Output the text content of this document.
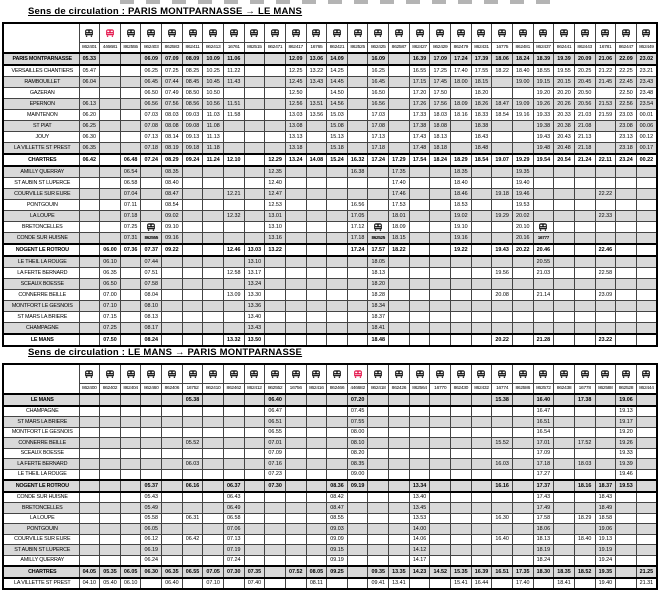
Sens de circulation : PARIS MONTPARNASSE → LE MANS

	862401	446681	862555	862403	862583	862411	862413	16761	862515	862471	862417	16765	862421	862525	862425	862587	862427	862429	862479	862431	16775	862481	862437	862441	862443	16781	862447	862449
PARIS MONTPARNASSE	05.33			06.09	07.09	08.09	10.09	11.06			12.09	13.06	14.09		16.09		16.39	17.09	17.24	17.39	18.06	18.24	18.39	19.39	20.09	21.06	22.09	23.02
VERSAILLES CHANTIERS	05.47			06.25	07.25	08.25	10.25	11.22			12.25	13.22	14.25		16.25		16.55	17.25	17.40	17.55	18.22	18.40	18.55	19.55	20.25	21.22	22.25	23.21
RAMBOUILLET	06.04			06.45	07.44	08.45	10.45	11.43			12.45	13.43	14.45		16.45		17.15	17.45	18.00	18.15		19.00	19.15	20.15	20.45	21.45	22.45	23.43
GAZERAN				06.50	07.49	08.50	10.50				12.50		14.50		16.50		17.20	17.50		18.20			19.20	20.20	20.50		22.50	23.48
EPERNON	06.13			06.56	07.56	08.56	10.56	11.51			12.56	13.51	14.56		16.56		17.26	17.56	18.09	18.26	18.47	19.09	19.26	20.26	20.56	21.53	22.56	23.54
MAINTENON	06.20			07.03	08.03	09.03	11.03	11.58			13.03	13.56	15.03		17.03		17.33	18.03	18.16	18.33	18.54	19.16	19.33	20.33	21.03	21.59	23.03	00.01
ST PIAT	06.25			07.08	08.08	09.08	11.08				13.08		15.08		17.08		17.38	18.08		18.38			19.38	20.38	21.08		23.08	00.06
JOUY	06.30			07.13	08.14	09.13	11.13				13.13		15.13		17.13		17.43	18.13		18.43			19.43	20.43	21.13		23.13	00.12
LA VILLETTE ST PREST	06.35			07.18	08.19	09.18	11.18				13.18		15.18		17.18		17.48	18.18		18.48			19.48	20.48	21.18		23.18	00.17
CHARTRES	06.42		06.48	07.24	08.29	09.24	11.24	12.10		12.29	13.24	14.08	15.24	16.32	17.24	17.29	17.54	18.24	18.29	18.54	19.07	19.29	19.54	20.54	21.24	22.11	23.24	00.22
AMILLY QUERRAY			06.54		08.35					12.35				16.38		17.35			18.35			19.35						
ST AUBIN ST LUPERCE			06.58		08.40					12.40						17.40			18.40			19.40						
COURVILLE SUR EURE			07.04		08.47			12.21		12.47						17.46			18.46		19.18	19.46				22.22		
PONTGOUIN			07.11		08.54					12.53				16.56		17.53			18.53			19.53						
LA LOUPE			07.18		09.02			12.32		13.01				17.05		18.01			19.02		19.29	20.02				22.33		
BRETONCELLES			07.25		09.10					13.10				17.12		18.09			19.10			20.10						
CONDE SUR HUISNE			07.31	862555	09.16					13.16				17.18	862525	18.15			19.16			20.16	16777					
NOGENT LE ROTROU		06.00	07.36	07.37	09.22			12.46	13.03	13.22				17.24	17.57	18.22			19.22		19.43	20.22	20.46			22.46		
LE THEIL LA ROUGE		06.10		07.44					13.10						18.05								20.55					
LA FERTE BERNARD		06.35		07.51				12.58	13.17						18.13						19.56		21.03			22.58		
SCEAUX BOESSE		06.50		07.58					13.24						18.20													
CONNERRE BEILLE		07.00		08.04				13.09	13.30						18.28						20.08		21.14			23.09		
MONTFORT LE GESNOIS		07.10		08.10					13.36						18.34													
ST MARS LA BRIERE		07.15		08.13					13.40						18.37													
CHAMPAGNE		07.25		08.17					13.43						18.41													
LE MANS		07.50		08.24				13.32	13.50						18.48						20.22		21.28			23.22		
Sens de circulation : LE MANS → PARIS MONTPARNASSE

	862400	862402	862404	862460	862406	16752	862410	862462	862412	862552	16756	862416	862466	446682	862418	862426	862564	16770	862430	862432	16774	862586	862572	862438	16778	862588	862528	862444
LE MANS						05.38				06.40				07.20							15.38		16.40		17.38		19.06	
CHAMPAGNE										06.47				07.45									16.47				19.13	
ST MARS LA BRIERE										06.51				07.55									16.51				19.17	
MONTFORT LE GESNOIS										06.55				08.00									16.54				19.20	
CONNERRE BEILLE						05.52				07.01				08.10							15.52		17.01		17.52		19.26	
SCEAUX BOESSE										07.09				08.20									17.09				19.33	
LA FERTE BERNARD						06.03				07.16				08.35							16.03		17.18		18.03		19.39	
LE THEIL LA ROUGE										07.23				09.00									17.27				19.46	
NOGENT LE ROTROU				05.37		06.16		06.37		07.30			08.36	09.19			13.34				16.16		17.37		18.16	18.37	19.53	
CONDE SUR HUISNE				05.43				06.43					08.42				13.40						17.43			18.43		
BRETONCELLES				05.49				06.49					08.47				13.45						17.49			18.49		
LA LOUPE				05.58		06.31		06.58					08.55				13.53				16.30		17.58		18.29	18.58		
PONTGOUIN				06.05				07.06					09.03				14.00						18.06			19.06		
COURVILLE SUR EURE				06.12		06.42		07.13					09.09				14.06				16.40		18.13		18.40	19.13		
ST AUBIN ST LUPERCE				06.19				07.19					09.15				14.12						18.19			19.19		
AMILLY QUERRAY				06.24				07.24					09.19				14.17						18.24			19.24		
CHARTRES	04.05	05.35	06.05	06.30	06.35	06.55	07.05	07.30	07.35		07.52	08.05	09.25		09.35	13.35	14.23	14.52	15.35	16.39	16.51	17.35	18.30	18.35	18.52	19.35		21.25
LA VILLETTE ST PREST	04.10	05.40	06.10		06.40		07.10		07.40			08.11			09.41	13.41			15.41	16.44		17.40		18.41		19.40		21.31
